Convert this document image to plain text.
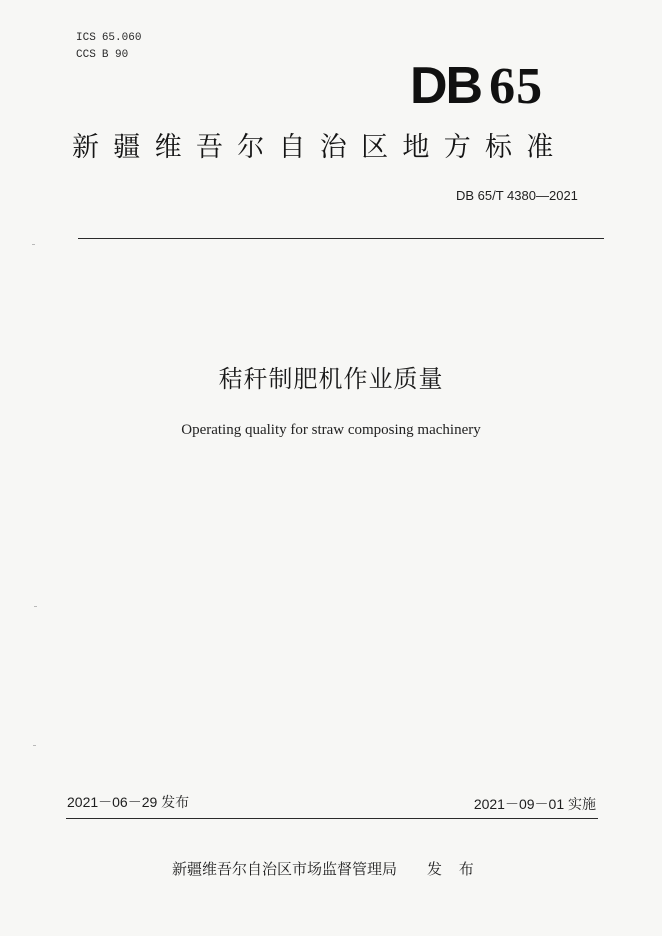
ICS 65.060
CCS B 90
DB 65
新疆维吾尔自治区地方标准
DB 65/T 4380—2021
秸秆制肥机作业质量
Operating quality for straw composing machinery
2021－06－29 发布	2021－09－01 实施
新疆维吾尔自治区市场监督管理局 发 布
